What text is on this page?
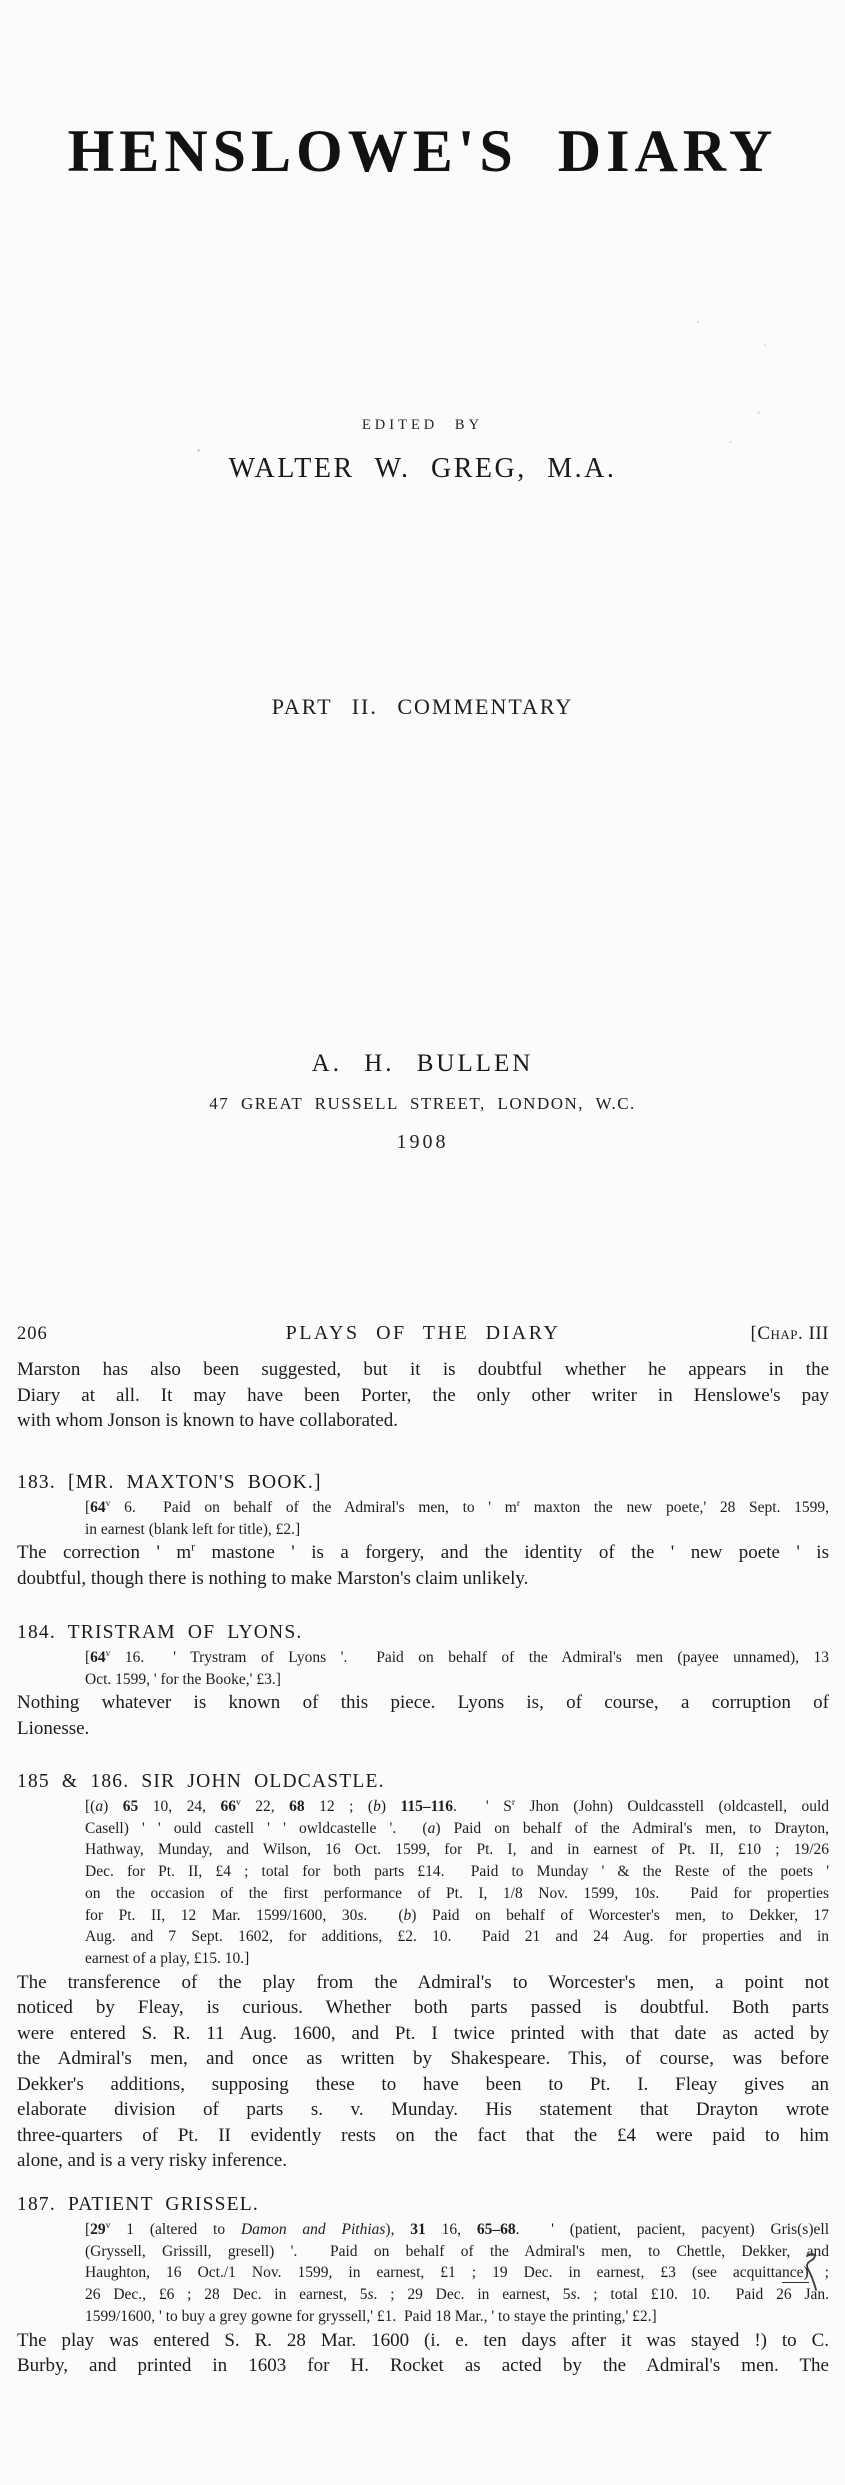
HENSLOWE'S DIARY
EDITED BY
WALTER W. GREG, M.A.
PART II. COMMENTARY
A. H. BULLEN
47 GREAT RUSSELL STREET, LONDON, W.C.
1908
206	PLAYS OF THE DIARY	[Chap. III
Marston has also been suggested, but it is doubtful whether he appears in the
Diary at all. It may have been Porter, the only other writer in Henslowe's pay
with whom Jonson is known to have collaborated.
183. [MR. MAXTON'S BOOK.]
[64$^v$ 6.  Paid on behalf of the Admiral's men, to ' $m^r$ maxton the new poete,' 28 Sept. 1599,
in earnest (blank left for title), £2.]
The correction ' $m^r$ mastone ' is a forgery, and the identity of the ' new poete ' is
doubtful, though there is nothing to make Marston's claim unlikely.
184. TRISTRAM OF LYONS.
[64$^v$ 16.  ' Trystram of Lyons '.  Paid on behalf of the Admiral's men (payee unnamed), 13
Oct. 1599, ' for the Booke,' £3.]
Nothing whatever is known of this piece. Lyons is, of course, a corruption of
Lionesse.
185 & 186. SIR JOHN OLDCASTLE.
[(a) 65 10, 24, 66$^v$ 22, 68 12 ; (b) 115–116.  ' $S^r$ Jhon (John) Ouldcasstell (oldcastell, ould
Casell) ' ' ould castell ' ' owldcastelle '.  (a) Paid on behalf of the Admiral's men, to Drayton,
Hathway, Munday, and Wilson, 16 Oct. 1599, for Pt. I, and in earnest of Pt. II, £10 ; 19/26
Dec. for Pt. II, £4 ; total for both parts £14.  Paid to Munday ' & the Reste of the poets '
on the occasion of the first performance of Pt. I, 1/8 Nov. 1599, 10s.  Paid for properties
for Pt. II, 12 Mar. 1599/1600, 30s.  (b) Paid on behalf of Worcester's men, to Dekker, 17
Aug. and 7 Sept. 1602, for additions, £2. 10.  Paid 21 and 24 Aug. for properties and in
earnest of a play, £15. 10.]
The transference of the play from the Admiral's to Worcester's men, a point not
noticed by Fleay, is curious. Whether both parts passed is doubtful. Both parts
were entered S. R. 11 Aug. 1600, and Pt. I twice printed with that date as acted by
the Admiral's men, and once as written by Shakespeare. This, of course, was before
Dekker's additions, supposing these to have been to Pt. I. Fleay gives an
elaborate division of parts s. v. Munday. His statement that Drayton wrote
three-quarters of Pt. II evidently rests on the fact that the £4 were paid to him
alone, and is a very risky inference.
187. PATIENT GRISSEL.
[29$^v$ 1 (altered to Damon and Pithias), 31 16, 65–68.  ' (patient, pacient, pacyent) Gris(s)ell
(Gryssell, Grissill, gresell) '.  Paid on behalf of the Admiral's men, to Chettle, Dekker, and
Haughton, 16 Oct./1 Nov. 1599, in earnest, £1 ; 19 Dec. in earnest, £3 (see acquittance) ;
26 Dec., £6 ; 28 Dec. in earnest, 5s. ; 29 Dec. in earnest, 5s. ; total £10. 10.  Paid 26 Jan.
1599/1600, ' to buy a grey gowne for gryssell,' £1.  Paid 18 Mar., ' to staye the printing,' £2.]
The play was entered S. R. 28 Mar. 1600 (i. e. ten days after it was stayed !) to C.
Burby, and printed in 1603 for H. Rocket as acted by the Admiral's men. The
